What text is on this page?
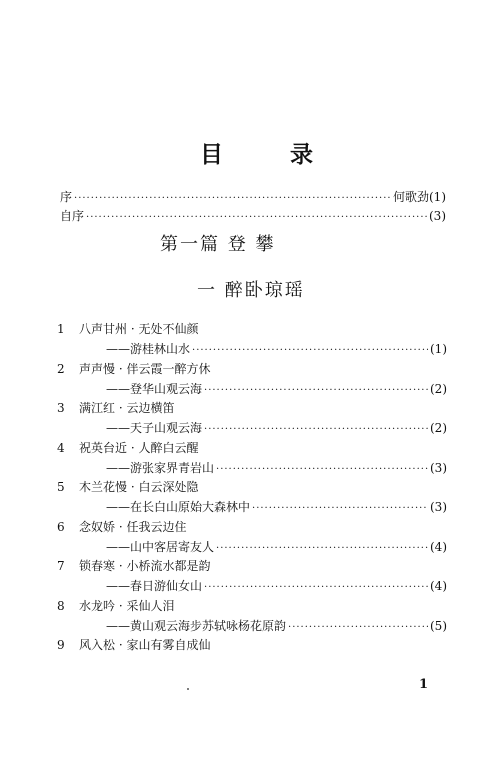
目	录
序 ·····	何歌劲 (1)
自序 ·····	(3)
第一篇 登 攀
一 醉卧琼瑶
1	八声甘州 · 无处不仙颜
——游桂林山水 ·····	(1)
2	声声慢 · 伴云霞一醉方休
——登华山观云海 ·····	(2)
3	满江红 · 云边横笛
——天子山观云海 ·····	(2)
4	祝英台近 · 人醉白云醒
——游张家界青岩山 ·····	(3)
5	木兰花慢 · 白云深处隐
——在长白山原始大森林中 ·····	(3)
6	念奴娇 · 任我云边住
——山中客居寄友人 ·····	(4)
7	锁春寒 · 小桥流水都是韵
——春日游仙女山 ·····	(4)
8	水龙吟 · 采仙人泪
——黄山观云海步苏轼咏杨花原韵 ·····	(5)
9	风入松 · 家山有雾自成仙
1
